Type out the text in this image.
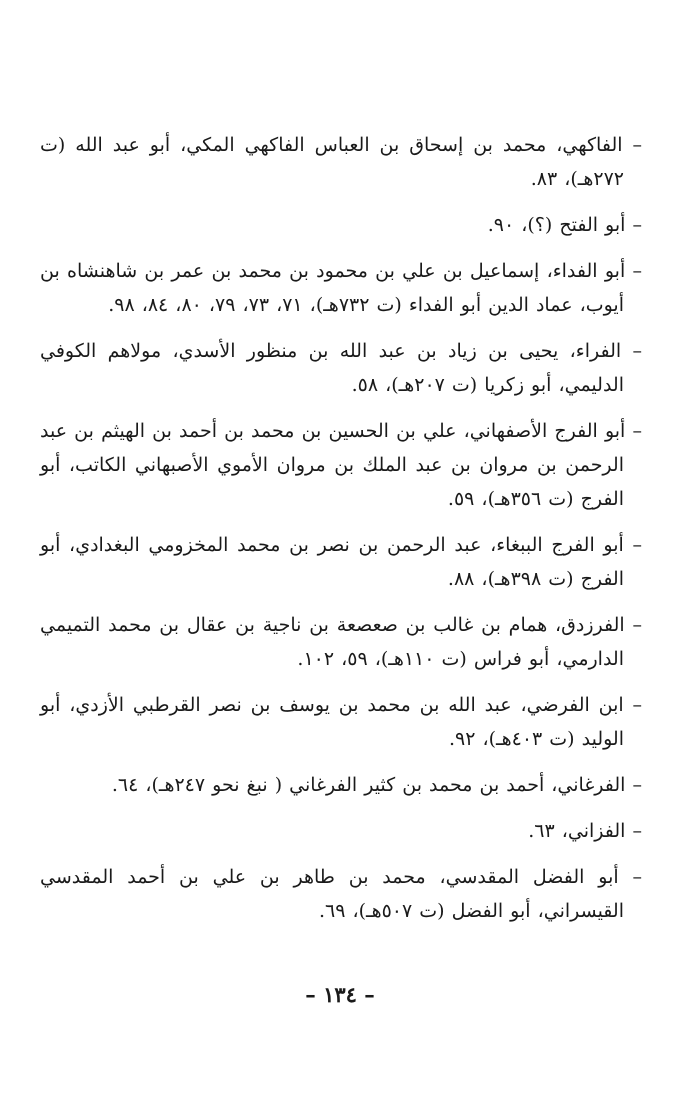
– الفاكهي، محمد بن إسحاق بن العباس الفاكهي المكي، أبو عبد الله (ت ٢٧٢هـ)، ٨٣.

– أبو الفتح (؟)، ٩٠.

– أبو الفداء، إسماعيل بن علي بن محمود بن محمد بن عمر بن شاهنشاه بن أيوب، عماد الدين أبو الفداء (ت ٧٣٢هـ)، ٧١، ٧٣، ٧٩، ٨٠، ٨٤، ٩٨.

– الفراء، يحيى بن زياد بن عبد الله بن منظور الأسدي، مولاهم الكوفي الدليمي، أبو زكريا (ت ٢٠٧هـ)، ٥٨.

– أبو الفرج الأصفهاني، علي بن الحسين بن محمد بن أحمد بن الهيثم بن عبد الرحمن بن مروان بن عبد الملك بن مروان الأموي الأصبهاني الكاتب، أبو الفرج (ت ٣٥٦هـ)، ٥٩.

– أبو الفرج الببغاء، عبد الرحمن بن نصر بن محمد المخزومي البغدادي، أبو الفرج (ت ٣٩٨هـ)، ٨٨.

– الفرزدق، همام بن غالب بن صعصعة بن ناجية بن عقال بن محمد التميمي الدارمي، أبو فراس (ت ١١٠هـ)، ٥٩، ١٠٢.

– ابن الفرضي، عبد الله بن محمد بن يوسف بن نصر القرطبي الأزدي، أبو الوليد (ت ٤٠٣هـ)، ٩٢.

– الفرغاني، أحمد بن محمد بن كثير الفرغاني ( نبغ نحو ٢٤٧هـ)، ٦٤.

– الفزاني، ٦٣.

– أبو الفضل المقدسي، محمد بن طاهر بن علي بن أحمد المقدسي القيسراني، أبو الفضل (ت ٥٠٧هـ)، ٦٩.

– ١٣٤ –
